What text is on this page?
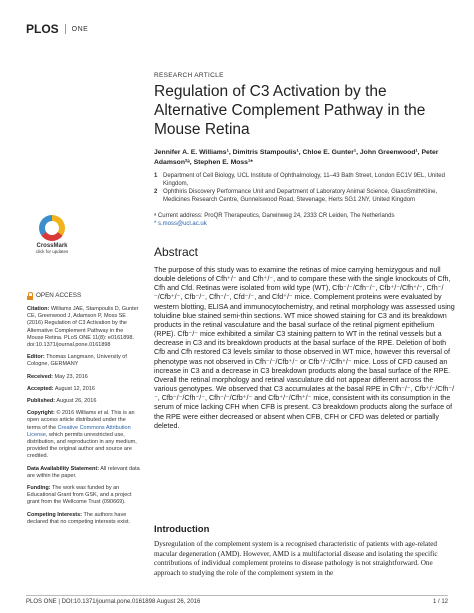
PLOS ONE
RESEARCH ARTICLE
Regulation of C3 Activation by the Alternative Complement Pathway in the Mouse Retina
Jennifer A. E. Williams¹, Dimitris Stampoulis¹, Chloe E. Gunter¹, John Greenwood¹, Peter Adamson²ᵃ, Stephen E. Moss¹*
1 Department of Cell Biology, UCL Institute of Ophthalmology, 11–43 Bath Street, London EC1V 9EL, United Kingdom,
2 Ophthiris Discovery Performance Unit and Department of Laboratory Animal Science, GlaxoSmithKline, Medicines Research Centre, Gunnelswood Road, Stevenage, Herts SG1 2NY, United Kingdom
ᵃ Current address: ProQR Therapeutics, Darwinweg 24, 2333 CR Leiden, The Netherlands
* s.moss@ucl.ac.uk
CrossMark
click for updates
OPEN ACCESS

Citation: Williams JAE, Stampoulis D, Gunter CE, Greenwood J, Adamson P, Moss SE (2016) Regulation of C3 Activation by the Alternative Complement Pathway in the Mouse Retina. PLoS ONE 11(8): e0161898. doi:10.1371/journal.pone.0161898

Editor: Thomas Langmann, University of Cologne, GERMANY

Received: May 23, 2016

Accepted: August 12, 2016

Published: August 26, 2016

Copyright: © 2016 Williams et al. This is an open access article distributed under the terms of the Creative Commons Attribution License, which permits unrestricted use, distribution, and reproduction in any medium, provided the original author and source are credited.

Data Availability Statement: All relevant data are within the paper.

Funding: The work was funded by an Educational Grant from GSK, and a project grant from the Wellcome Trust (090669).

Competing Interests: The authors have declared that no competing interests exist.

Abstract

The purpose of this study was to examine the retinas of mice carrying hemizygous and null double deletions of Cfh⁺/⁻ and Cfh⁺/⁻, and to compare these with the single knockouts of Cfh, Cfh and Cfd. Retinas were isolated from wild type (WT), Cfb⁻/⁻/Cfh⁻/⁻, Cfb⁺/⁻/Cfh⁺/⁻, Cfh⁻/⁻/Cfb⁺/⁻, Cfb⁻/⁻, Cfh⁻/⁻, Cfd⁻/⁻, and Cfd⁺/⁻ mice. Complement proteins were evaluated by western blotting, ELISA and immunocytochemistry, and retinal morphology was assessed using toluidine blue stained semi-thin sections. WT mice showed staining for C3 and its breakdown products in the retinal vasculature and the basal surface of the retinal pigment epithelium (RPE). Cfb⁻/⁻ mice exhibited a similar C3 staining pattern to WT in the retinal vessels but a decrease in C3 and its breakdown products at the basal surface of the RPE. Deletion of both Cfb and Cfh restored C3 levels similar to those observed in WT mice, however this reversal of phenotype was not observed in Cfh⁻/⁻/Cfb⁺/⁻ or Cfb⁺/⁻/Cfh⁺/⁻ mice. Loss of CFD caused an increase in C3 and a decrease in C3 breakdown products along the basal surface of the RPE. Overall the retinal morphology and retinal vasculature did not appear different across the various genotypes. We observed that C3 accumulates at the basal RPE in Cfh⁻/⁻, Cfb⁺/⁻/Cfh⁻/⁻, Cfb⁻/⁻/Cfh⁻/⁻, Cfh⁻/⁻/Cfb⁺/⁻ and Cfb⁺/⁻/Cfh⁺/⁻ mice, consistent with its consumption in the serum of mice lacking CFH when CFB is present. C3 breakdown products along the surface of the RPE were either decreased or absent when CFB, CFH or CFD was deleted or partially deleted.

Introduction

Dysregulation of the complement system is a recognised characteristic of patients with age-related macular degeneration (AMD). However, AMD is a multifactorial disease and isolating the specific contributions of individual complement proteins to disease pathology is not straightforward. One approach to studying the role of the complement system in the

PLOS ONE | DOI:10.1371/journal.pone.0161898 August 26, 2016	1 / 12
